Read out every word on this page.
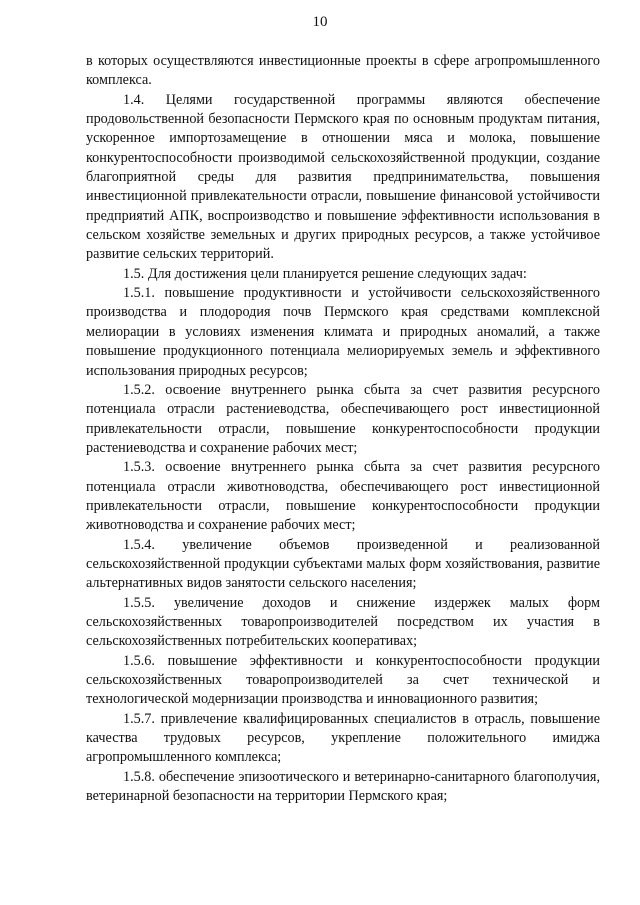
10

в которых осуществляются инвестиционные проекты в сфере агропромышленного комплекса.

1.4. Целями государственной программы являются обеспечение продовольственной безопасности Пермского края по основным продуктам питания, ускоренное импортозамещение в отношении мяса и молока, повышение конкурентоспособности производимой сельскохозяйственной продукции, создание благоприятной среды для развития предпринимательства, повышения инвестиционной привлекательности отрасли, повышение финансовой устойчивости предприятий АПК, воспроизводство и повышение эффективности использования в сельском хозяйстве земельных и других природных ресурсов, а также устойчивое развитие сельских территорий.

1.5. Для достижения цели планируется решение следующих задач:

1.5.1. повышение продуктивности и устойчивости сельскохозяйственного производства и плодородия почв Пермского края средствами комплексной мелиорации в условиях изменения климата и природных аномалий, а также повышение продукционного потенциала мелиорируемых земель и эффективного использования природных ресурсов;

1.5.2. освоение внутреннего рынка сбыта за счет развития ресурсного потенциала отрасли растениеводства, обеспечивающего рост инвестиционной привлекательности отрасли, повышение конкурентоспособности продукции растениеводства и сохранение рабочих мест;

1.5.3. освоение внутреннего рынка сбыта за счет развития ресурсного потенциала отрасли животноводства, обеспечивающего рост инвестиционной привлекательности отрасли, повышение конкурентоспособности продукции животноводства и сохранение рабочих мест;

1.5.4. увеличение объемов произведенной и реализованной сельскохозяйственной продукции субъектами малых форм хозяйствования, развитие альтернативных видов занятости сельского населения;

1.5.5. увеличение доходов и снижение издержек малых форм сельскохозяйственных товаропроизводителей посредством их участия в сельскохозяйственных потребительских кооперативах;

1.5.6. повышение эффективности и конкурентоспособности продукции сельскохозяйственных товаропроизводителей за счет технической и технологической модернизации производства и инновационного развития;

1.5.7. привлечение квалифицированных специалистов в отрасль, повышение качества трудовых ресурсов, укрепление положительного имиджа агропромышленного комплекса;

1.5.8. обеспечение эпизоотического и ветеринарно-санитарного благополучия, ветеринарной безопасности на территории Пермского края;
